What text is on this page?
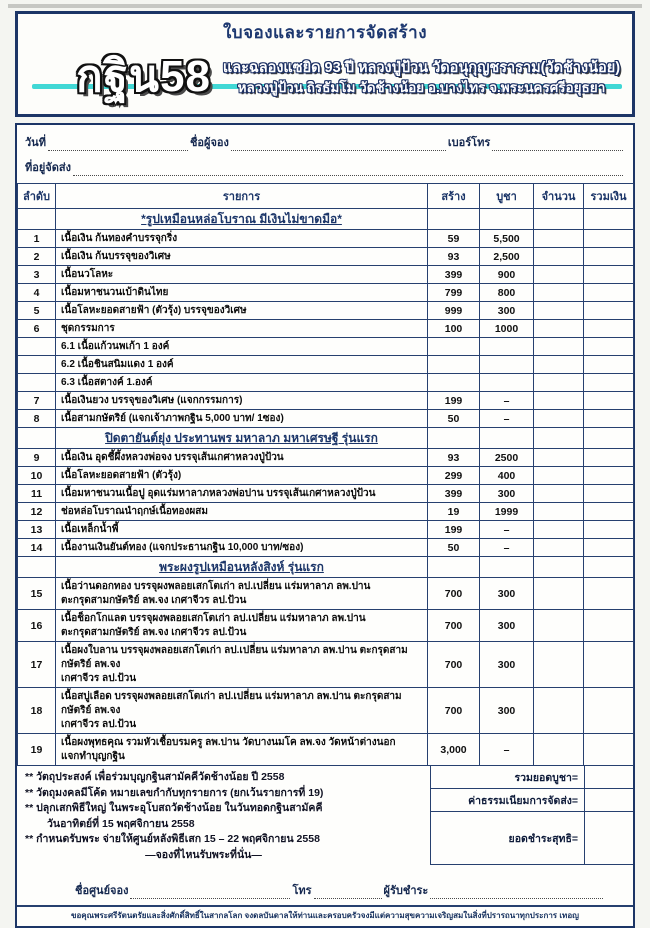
ใบจองและรายการจัดสร้าง
กฐิน58 และฉลองแซยิด 93 ปี หลวงปู่ป้วน วัดอนุกุญชราราม(วัดช้างน้อย)
หลวงปู่ป้วน ถิรธัมโม วัดช้างน้อย อ.บางไทร จ.พระนครศรีอยุธยา
วันที่	ชื่อผู้จอง	เบอร์โทร
ที่อยู่จัดส่ง
ลำดับ	รายการ	สร้าง	บูชา	จำนวน	รวมเงิน

	*รูปเหมือนหล่อโบราณ มีเงินไม่ขาดมือ*				

1	เนื้อเงิน ก้นทองคำบรรจุกริ่ง	59	5,500		
2	เนื้อเงิน ก้นบรรจุของวิเศษ	93	2,500		
3	เนื้อนวโลหะ	399	900		
4	เนื้อมหาชนวนเบ้าดินไทย	799	800		
5	เนื้อโลหะยอดสายฟ้า (ตัวรุ้ง) บรรจุของวิเศษ	999	300		
6	ชุดกรรมการ	100	1000		
	6.1 เนื้อแก้วนพเก้า 1 องค์				
	6.2 เนื้อชินสนิมแดง 1 องค์				
	6.3 เนื้อสตางค์ 1.องค์				
7	เนื้อเงินยวง บรรจุของวิเศษ (แจกกรรมการ)	199	–		
8	เนื้อสามกษัตริย์ (แจกเจ้าภาพกฐิน 5,000 บาท/ 1ซอง)	50	–		

	ปิดตายันต์ยุ่ง ประทานพร มหาลาภ มหาเศรษฐี รุ่นแรก				

9	เนื้อเงิน อุดชี้ผึ้งหลวงพ่อจง บรรจุเส้นเกศาหลวงปู่ป้วน	93	2500		
10	เนื้อโลหะยอดสายฟ้า (ตัวรุ้ง)	299	400		
11	เนื้อมหาชนวนเนื้อปู อุดแร่มหาลาภหลวงพ่อปาน บรรจุเส้นเกศาหลวงปู่ป้วน	399	300		
12	ช่อหล่อโบราณนำฤกษ์เนื้อทองผสม	19	1999		
13	เนื้อเหล็กน้ำพี้	199	–		
14	เนื้องานเงินยันต์ทอง (แจกประธานกฐิน 10,000 บาท/ซอง)	50	–		

	พระผงรูปเหมือนหลังสิงห์ รุ่นแรก				

15	เนื้อว่านดอกทอง บรรจุผงพลอยเสกโตเก่า ลป.เปลี่ยน แร่มหาลาภ ลพ.ปาน
ตะกรุดสามกษัตริย์ ลพ.จง เกศาจีวร ลป.ป้วน	700	300		
16	เนื้อช็อกโกแลต บรรจุผงพลอยเสกโตเก่า ลป.เปลี่ยน แร่มหาลาภ ลพ.ปาน
ตะกรุดสามกษัตริย์ ลพ.จง เกศาจีวร ลป.ป้วน	700	300		
17	เนื้อผงใบลาน บรรจุผงพลอยเสกโตเก่า ลป.เปลี่ยน แร่มหาลาภ ลพ.ปาน ตะกรุดสามกษัตริย์ ลพ.จง
เกศาจีวร ลป.ป้วน	700	300		
18	เนื้อสบู่เลือด บรรจุผงพลอยเสกโตเก่า ลป.เปลี่ยน แร่มหาลาภ ลพ.ปาน ตะกรุดสามกษัตริย์ ลพ.จง
เกศาจีวร ลป.ป้วน	700	300		
19	เนื้อผงพุทธคุณ รวมหัวเชื้อบรมครู ลพ.ปาน วัดบางนมโค ลพ.จง วัดหน้าต่างนอก
แจกทำบุญกฐิน	3,000	–		
** วัตถุประสงค์ เพื่อร่วมบุญกฐินสามัคคีวัดช้างน้อย ปี 2558
** วัตถุมงคลมีโค้ด หมายเลขกำกับทุกรายการ (ยกเว้นรายการที่ 19)
** ปลุกเสกพิธีใหญ่ ในพระอุโบสถวัดช้างน้อย ในวันทอดกฐินสามัคคี
วันอาทิตย์ที่ 15 พฤศจิกายน 2558
** กำหนดรับพระ จ่ายให้ศูนย์หลังพิธีเสก 15 – 22 พฤศจิกายน 2558
—จองที่ไหนรับพระที่นั่น—
รวมยอดบูชา=
ค่าธรรมเนียมการจัดส่ง=
ยอดชำระสุทธิ=
ชื่อศูนย์จอง	โทร	ผู้รับชำระ
ขอคุณพระศรีรัตนตรัยและสิ่งศักดิ์สิทธิ์ในสากลโลก จงดลบันดาลให้ท่านและครอบครัวจงมีแต่ความสุขความเจริญสมในสิ่งที่ปรารถนาทุกประการ เทอญ
